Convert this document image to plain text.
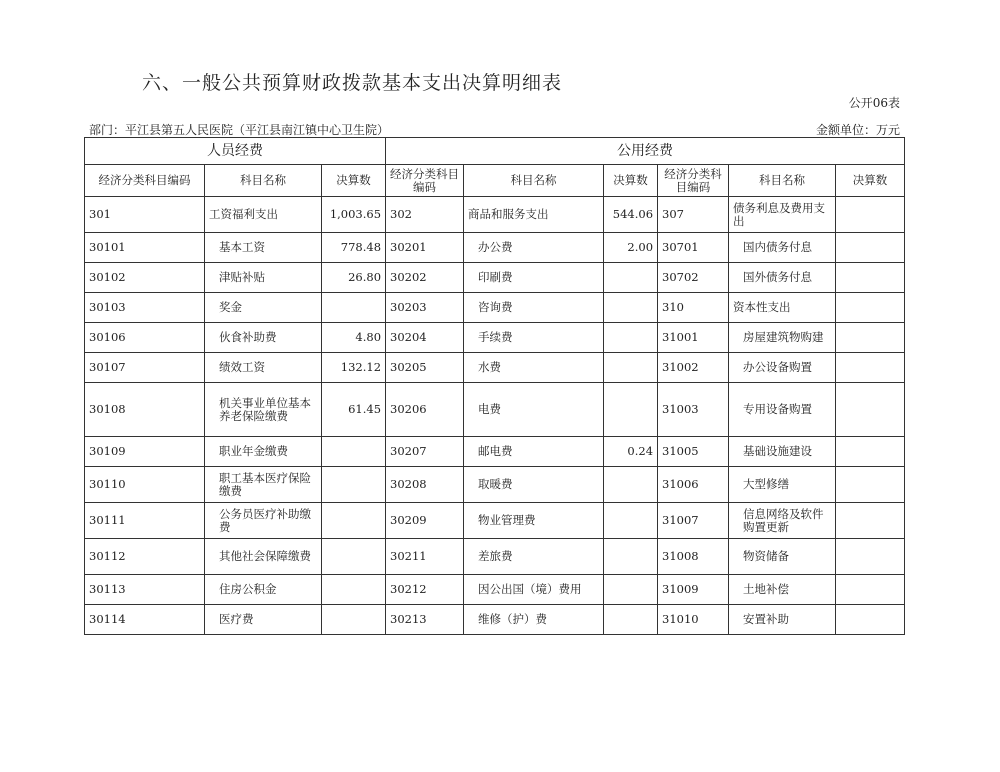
六、一般公共预算财政拨款基本支出决算明细表
公开06表
部门：平江县第五人民医院（平江县南江镇中心卫生院）	金额单位：万元
人员经费			公用经费					
经济分类科目编码	科目名称	决算数	经济分类科目编码	科目名称	决算数	经济分类科目编码	科目名称	决算数
301	工资福利支出	1,003.65	302	商品和服务支出	544.06	307	债务利息及费用支出	
30101	基本工资	778.48	30201	办公费	2.00	30701	国内债务付息	
30102	津贴补贴	26.80	30202	印刷费		30702	国外债务付息	
30103	奖金		30203	咨询费		310	资本性支出	
30106	伙食补助费	4.80	30204	手续费		31001	房屋建筑物购建	
30107	绩效工资	132.12	30205	水费		31002	办公设备购置	
30108	机关事业单位基本养老保险缴费	61.45	30206	电费		31003	专用设备购置	
30109	职业年金缴费		30207	邮电费	0.24	31005	基础设施建设	
30110	职工基本医疗保险缴费		30208	取暖费		31006	大型修缮	
30111	公务员医疗补助缴费		30209	物业管理费		31007	信息网络及软件购置更新	
30112	其他社会保障缴费		30211	差旅费		31008	物资储备	
30113	住房公积金		30212	因公出国（境）费用		31009	土地补偿	
30114	医疗费		30213	维修（护）费		31010	安置补助	
